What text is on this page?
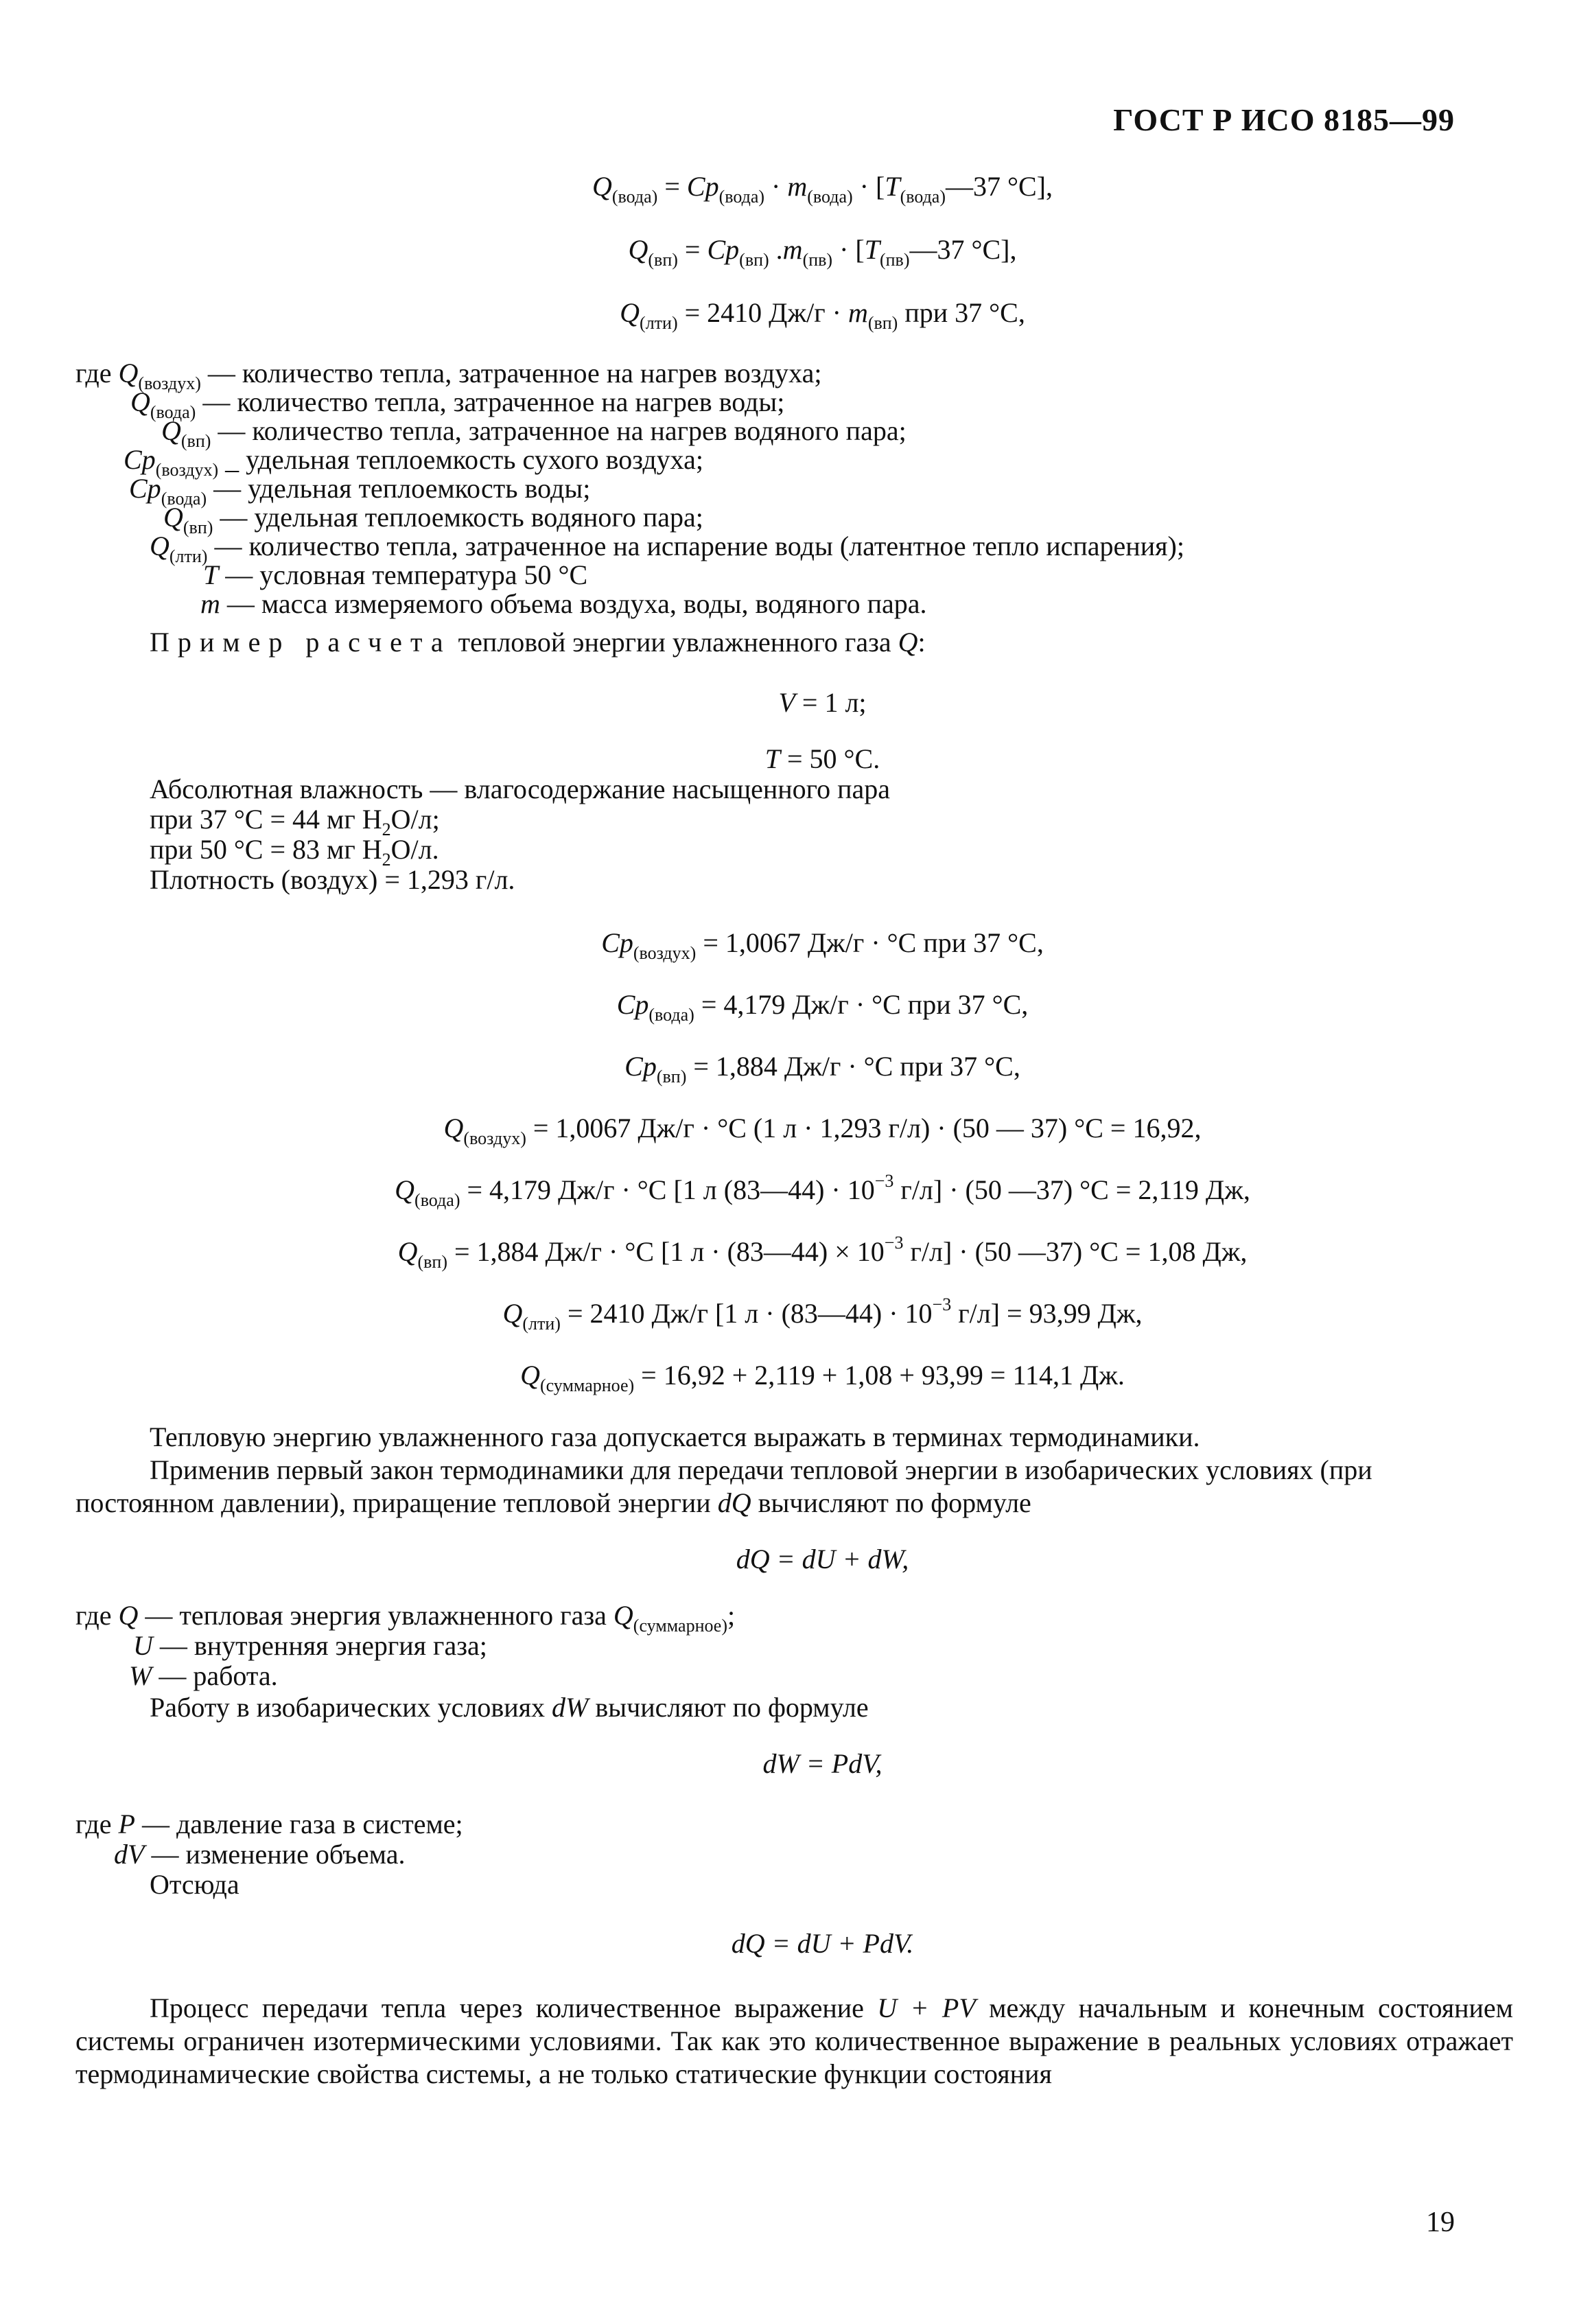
ГОСТ Р ИСО 8185—99
$Q_{(вода)} = Cp_{(вода)} \cdot m_{(вода)}$ · [$T_{(вода)}—37$ °C],
$Q_{(вп)} = Cp_{(вп)}$ $.m_{(пв)}$ · [$T_{(пв)}—37$ °C],
$Q_{(лти)} = 2410$ $Дж/г \cdot m_{(вп)}$ при 37 °C,
где $Q_{(воздух)}$ — количество тепла, затраченное на нагрев воздуха;
$Q_{(вода)}$ — количество тепла, затраченное на нагрев воды;
$Q_{(вп)}$ — количество тепла, затраченное на нагрев водяного пара;
$Cp_{(воздух)}$ _ удельная теплоемкость сухого воздуха;
$Cp_{(вода)}$ — удельная теплоемкость воды;
$Q_{(вп)}$ — удельная теплоемкость водяного пара;
$Q_{(лти)}$ — количество тепла, затраченное на испарение воды (латентное тепло испарения);
T — условная температура 50 °C
m — масса измеряемого объема воздуха, воды, водяного пара.
Пример расчета тепловой энергии увлажненного газа Q:
V = 1 л;
T = 50 °C.
Абсолютная влажность — влагосодержание насыщенного пара
при 37 °C = 44 мг $H_2O/л$;
при 50 °C = 83 мг $H_2O/л$.
Плотность (воздух) = 1,293 г/л.
$Cp_{(воздух)} = 1,0067$ Дж/г · °C при 37 °C,
$Cp_{(вода)} = 4,179$ Дж/г · °C при 37 °C,
$Cp_{(вп)} = 1,884$ Дж/г · °C при 37 °C,
$Q_{(воздух)} = 1,0067$ Дж/г · °C (1 л · 1,293 г/л) · (50 — 37) °C = 16,92,
$Q_{(вода)} = 4,179$ Дж/г · °C [1 л (83—44) · $10^{-3}$ г/л] · (50 —37) °C = 2,119 Дж,
$Q_{(вп)} = 1,884$ Дж/г · °C [1 л · (83—44) × $10^{-3}$ г/л] · (50 —37) °C = 1,08 Дж,
$Q_{(лти)} = 2410$ Дж/г [1 л · (83—44) · $10^{-3}$ г/л] = 93,99 Дж,
$Q_{(суммарное)} = 16,92 + 2,119 + 1,08 + 93,99 = 114,1$ Дж.
Тепловую энергию увлажненного газа допускается выражать в терминах термодинамики.
Применив первый закон термодинамики для передачи тепловой энергии в изобарических условиях (при
постоянном давлении), приращение тепловой энергии dQ вычисляют по формуле
dQ = dU + dW,
где Q — тепловая энергия увлажненного газа $Q_{(суммарное)}$;
U — внутренняя энергия газа;
W — работа.
Работу в изобарических условиях dW вычисляют по формуле
dW = PdV,
где P — давление газа в системе;
dV — изменение объема.
Отсюда
dQ = dU + PdV.
Процесс передачи тепла через количественное выражение U + PV между начальным и конечным состоянием системы ограничен изотермическими условиями. Так как это количественное выражение в реальных условиях отражает термодинамические свойства системы, а не только статические функции состояния
19
